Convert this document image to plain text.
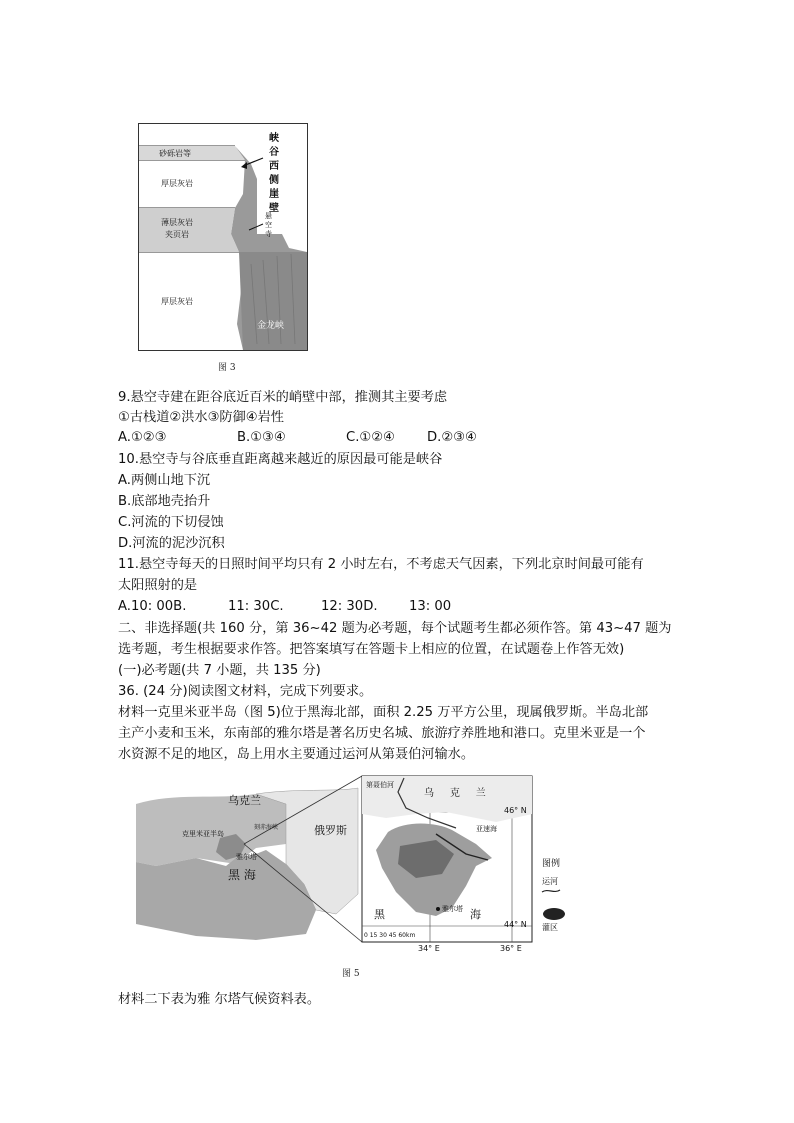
砂砾岩等
厚层灰岩
薄层灰岩
夹页岩
厚层灰岩
峡谷西侧崖壁
悬空寺
金龙峡
图 3
9.悬空寺建在距谷底近百米的峭壁中部，推测其主要考虑
①古栈道②洪水③防御④岩性
A.①②③	B.①③④	C.①②④ D.②③④
10.悬空寺与谷底垂直距离越来越近的原因最可能是峡谷
A.两侧山地下沉
B.底部地壳抬升
C.河流的下切侵蚀
D.河流的泥沙沉积
11.悬空寺每天的日照时间平均只有 2 小时左右，不考虑天气因素，下列北京时间最可能有
太阳照射的是
A.10: 00B.	11: 30C.	12: 30D. 13: 00
二、非选择题(共 160 分，第 36~42 题为必考题，每个试题考生都必须作答。第 43~47 题为
选考题，考生根据要求作答。把答案填写在答题卡上相应的位置，在试题卷上作答无效)
(一)必考题(共 7 小题，共 135 分)
36. (24 分)阅读图文材料，完成下列要求。
材料一克里米亚半岛（图 5)位于黑海北部，面积 2.25 万平方公里，现属俄罗斯。半岛北部
主产小麦和玉米，东南部的雅尔塔是著名历史名城、旅游疗养胜地和港口。克里米亚是一个
水资源不足的地区，岛上用水主要通过运河从第聂伯河输水。
乌克兰
俄罗斯
黑 海
克里米亚半岛
雅尔塔
刻赤海峡
乌     克     兰
第聂伯河
亚速海
黑	海
雅尔塔
46° N
44° N
34° E	36° E
0 15 30 45 60km
图例
运河
灌区
图 5
材料二下表为雅 尔塔气候资料表。
